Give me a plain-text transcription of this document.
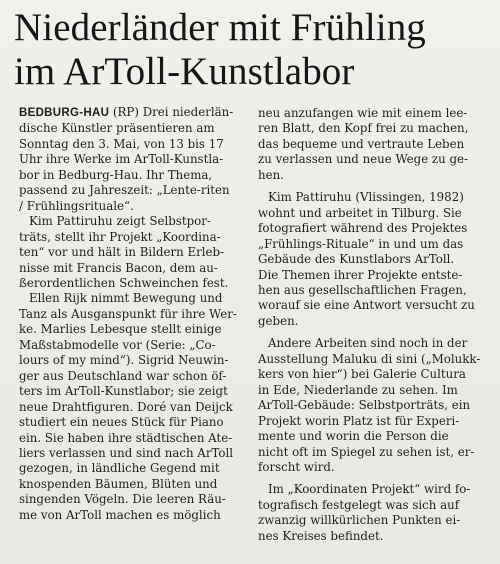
Niederländer mit Frühling
im ArToll-Kunstlabor
BEDBURG-HAU (RP) Drei niederlän-
dische Künstler präsentieren am
Sonntag den 3. Mai, von 13 bis 17
Uhr ihre Werke im ArToll-Kunstla-
bor in Bedburg-Hau. Ihr Thema,
passend zu Jahreszeit: „Lente-riten
/ Frühlingsrituale“.
Kim Pattiruhu zeigt Selbstpor-
träts, stellt ihr Projekt „Koordina-
ten“ vor und hält in Bildern Erleb-
nisse mit Francis Bacon, dem au-
ßerordentlichen Schweinchen fest.
Ellen Rijk nimmt Bewegung und
Tanz als Ausganspunkt für ihre Wer-
ke. Marlies Lebesque stellt einige
Maßstabmodelle vor (Serie: „Co-
lours of my mind“). Sigrid Neuwin-
ger aus Deutschland war schon öf-
ters im ArToll-Kunstlabor; sie zeigt
neue Drahtfiguren. Doré van Deijck
studiert ein neues Stück für Piano
ein. Sie haben ihre städtischen Ate-
liers verlassen und sind nach ArToll
gezogen, in ländliche Gegend mit
knospenden Bäumen, Blüten und
singenden Vögeln. Die leeren Räu-
me von ArToll machen es möglich
neu anzufangen wie mit einem lee-
ren Blatt, den Kopf frei zu machen,
das bequeme und vertraute Leben
zu verlassen und neue Wege zu ge-
hen.
Kim Pattiruhu (Vlissingen, 1982)
wohnt und arbeitet in Tilburg. Sie
fotografiert während des Projektes
„Frühlings-Rituale“ in und um das
Gebäude des Kunstlabors ArToll.
Die Themen ihrer Projekte entste-
hen aus gesellschaftlichen Fragen,
worauf sie eine Antwort versucht zu
geben.
Andere Arbeiten sind noch in der
Ausstellung Maluku di sini („Molukk-
kers von hier“) bei Galerie Cultura
in Ede, Niederlande zu sehen. Im
ArToll-Gebäude: Selbstporträts, ein
Projekt worin Platz ist für Experi-
mente und worin die Person die
nicht oft im Spiegel zu sehen ist, er-
forscht wird.
Im „Koordinaten Projekt“ wird fo-
tografisch festgelegt was sich auf
zwanzig willkürlichen Punkten ei-
nes Kreises befindet.
